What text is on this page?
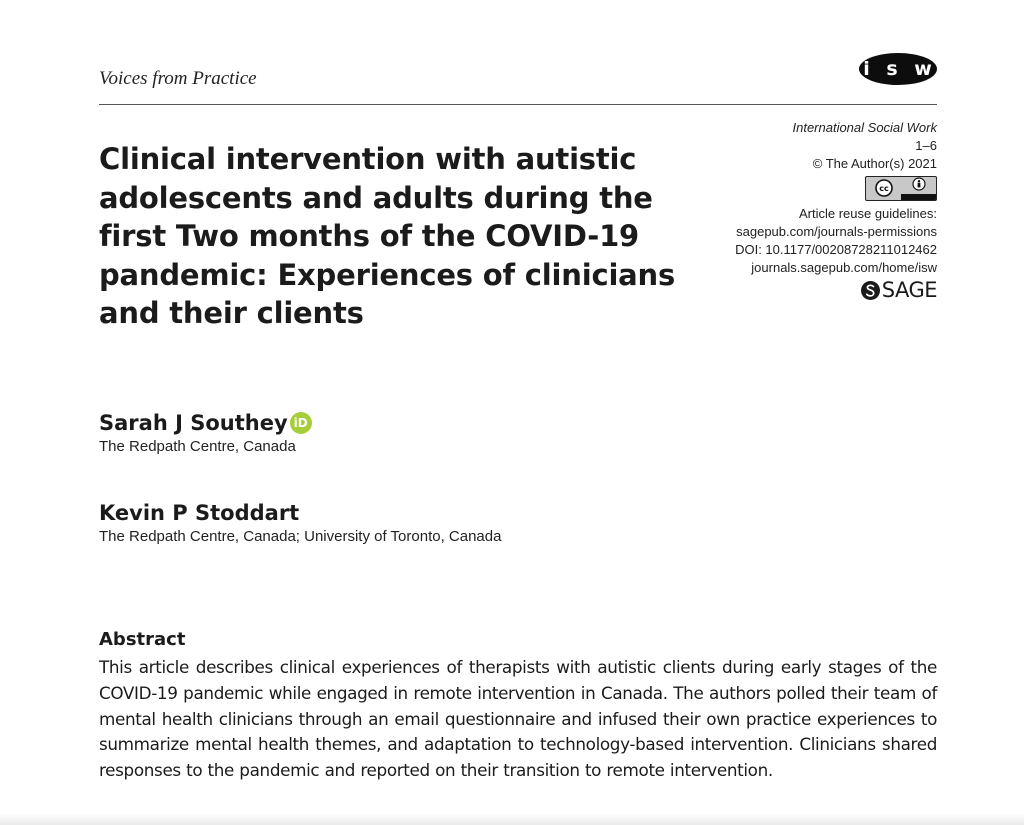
Voices from Practice	i s w
Clinical intervention with autistic adolescents and adults during the first Two months of the COVID-19 pandemic: Experiences of clinicians and their clients
International Social Work
1–6
© The Author(s) 2021
cc
Article reuse guidelines:
sagepub.com/journals-permissions
DOI: 10.1177/00208728211012462
journals.sagepub.com/home/isw
SAGE
Sarah J Southey iD
The Redpath Centre, Canada
Kevin P Stoddart
The Redpath Centre, Canada; University of Toronto, Canada
Abstract

This article describes clinical experiences of therapists with autistic clients during early stages of the COVID-19 pandemic while engaged in remote intervention in Canada. The authors polled their team of mental health clinicians through an email questionnaire and infused their own practice experiences to summarize mental health themes, and adaptation to technology-based intervention. Clinicians shared responses to the pandemic and reported on their transition to remote intervention.
